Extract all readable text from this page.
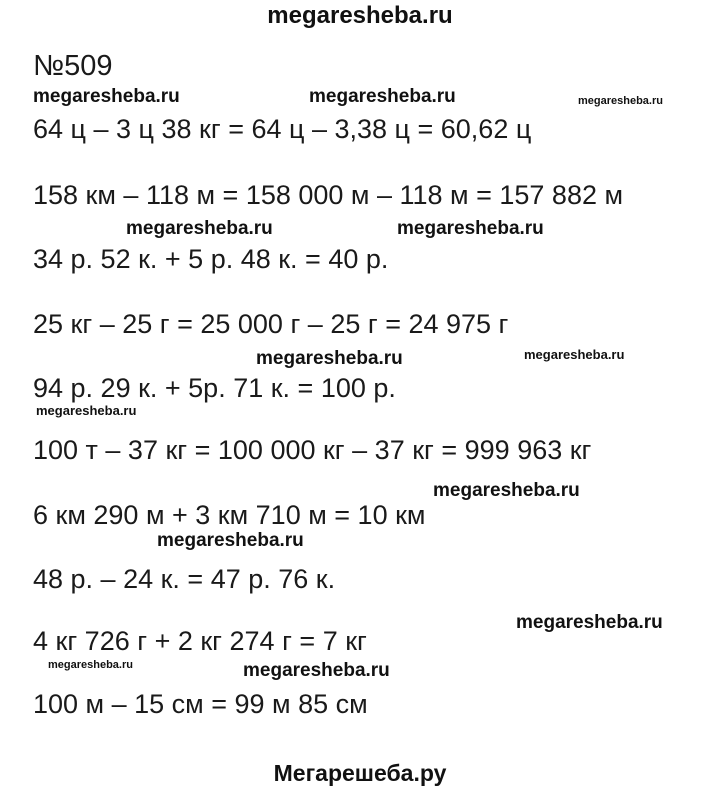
megaresheba.ru
№509
megaresheba.ru	megaresheba.ru	megaresheba.ru
megaresheba.ru	megaresheba.ru
megaresheba.ru	megaresheba.ru
megaresheba.ru
megaresheba.ru
megaresheba.ru
megaresheba.ru
megaresheba.ru	megaresheba.ru
64 ц – 3 ц 38 кг = 64 ц – 3,38 ц = 60,62 ц
158 км – 118 м = 158 000 м – 118 м = 157 882 м
34 р. 52 к. + 5 р. 48 к. = 40 р.
25 кг – 25 г = 25 000 г – 25 г = 24 975 г
94 р. 29 к. + 5р. 71 к. = 100 р.
100 т – 37 кг = 100 000 кг – 37 кг = 999 963 кг
6 км 290 м + 3 км 710 м = 10 км
48 р. – 24 к. = 47 р. 76 к.
4 кг 726 г + 2 кг 274 г = 7 кг
100 м – 15 см = 99 м 85 см
Мегарешеба.ру
